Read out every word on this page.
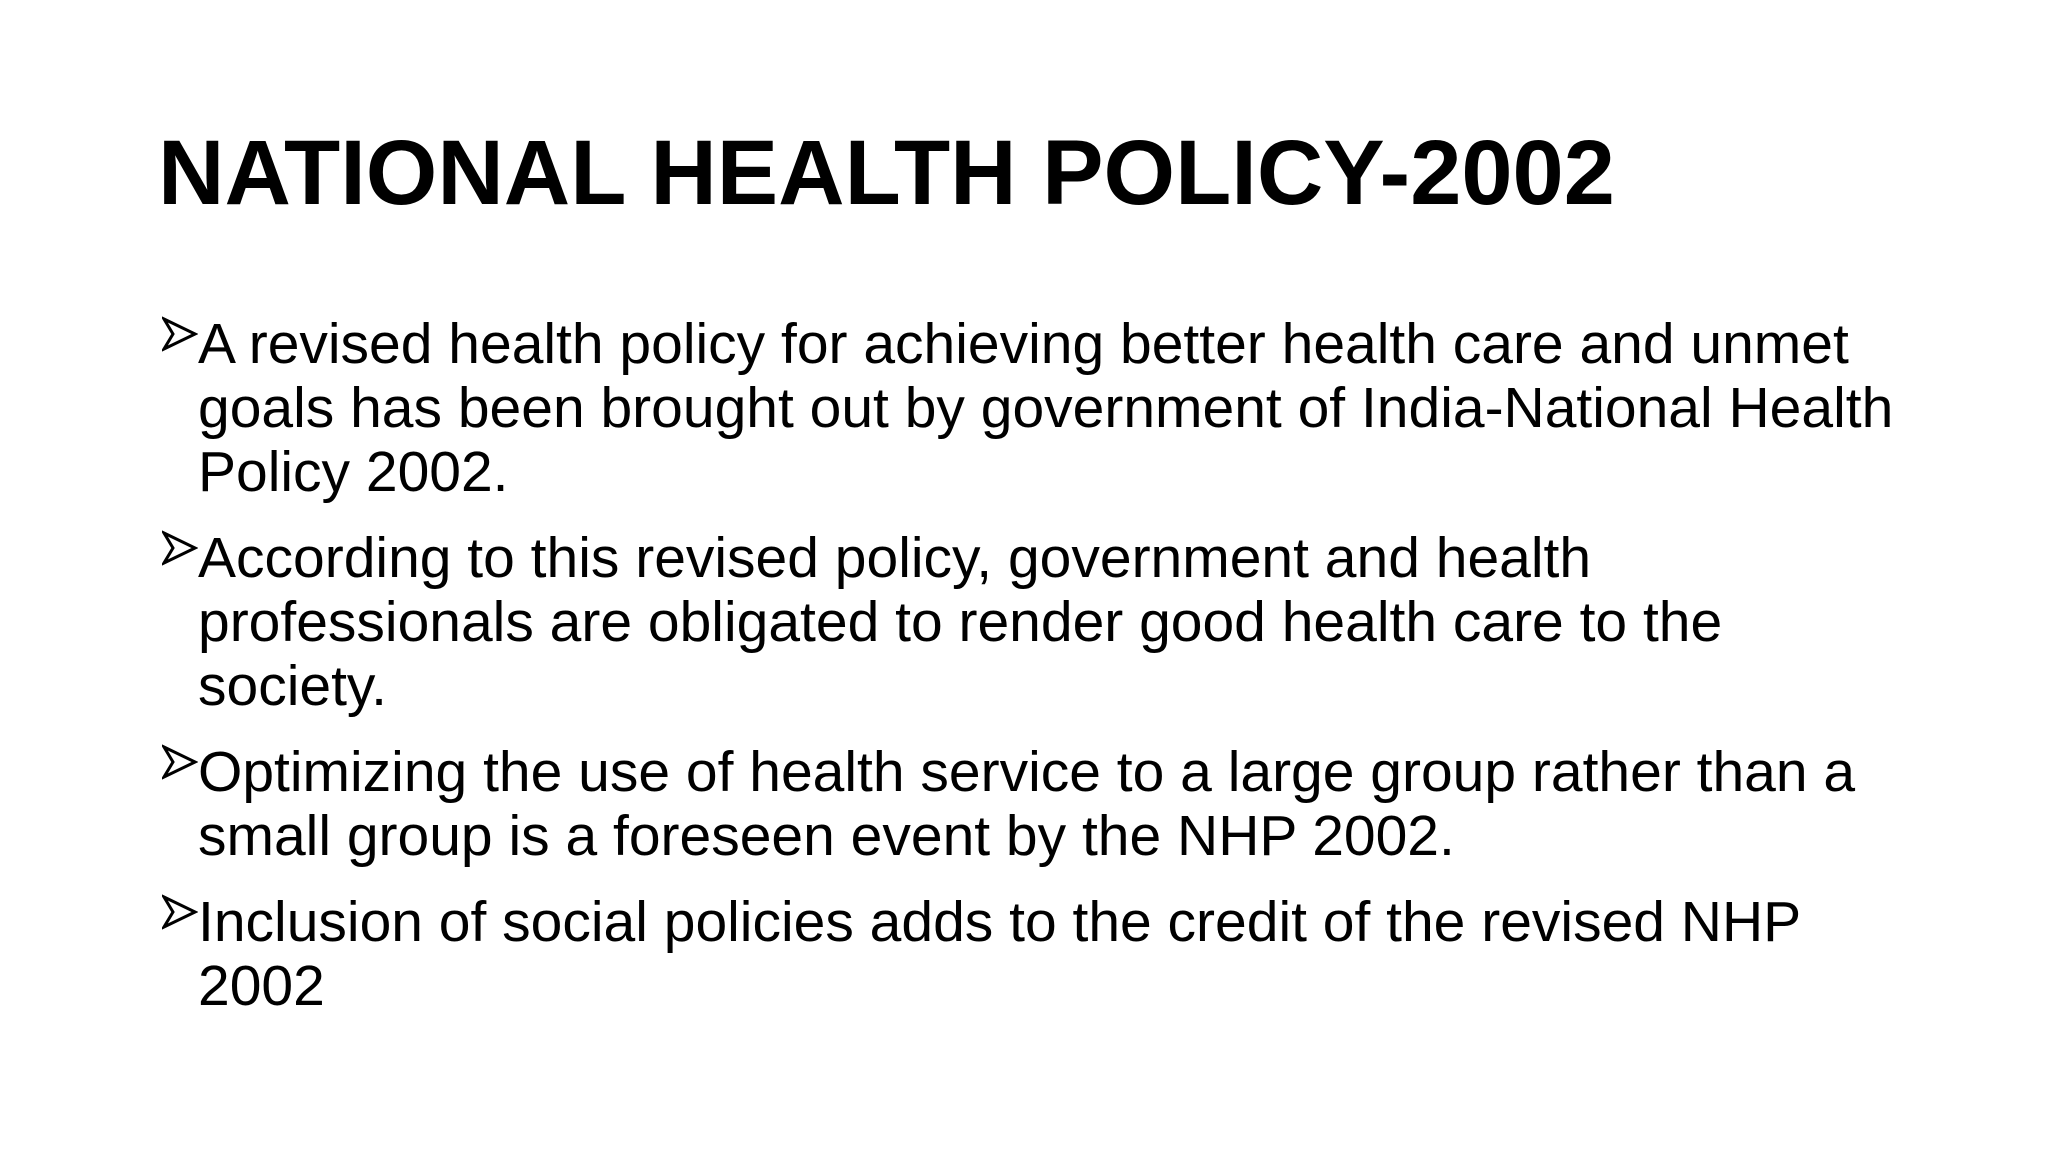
NATIONAL HEALTH POLICY-2002
A revised health policy for achieving better health care and unmet goals has been brought out by government of India-National Health Policy 2002.
According to this revised policy, government and health professionals are obligated to render good health care to the society.
Optimizing the use of health service to a large group rather than a small group is a foreseen event by the NHP 2002.
Inclusion of social policies adds to the credit of the revised NHP 2002
